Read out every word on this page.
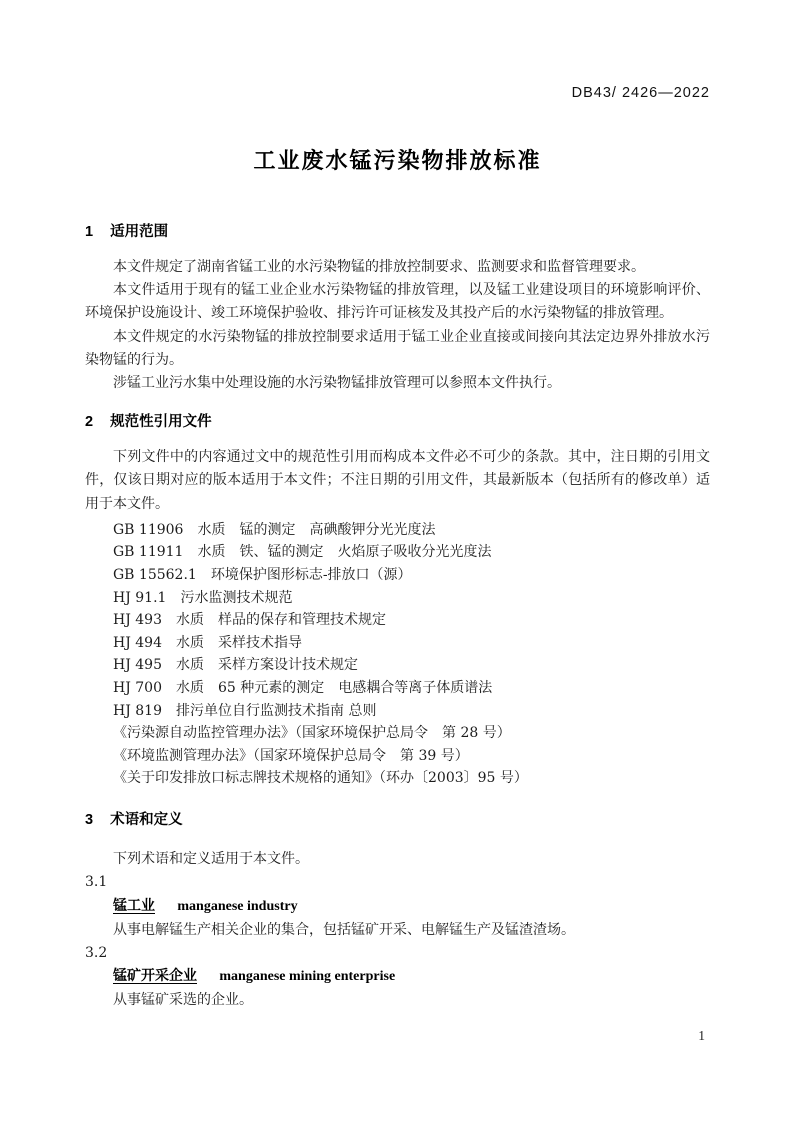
DB43/ 2426—2022
工业废水锰污染物排放标准
1 适用范围

本文件规定了湖南省锰工业的水污染物锰的排放控制要求、监测要求和监督管理要求。

本文件适用于现有的锰工业企业水污染物锰的排放管理，以及锰工业建设项目的环境影响评价、环境保护设施设计、竣工环境保护验收、排污许可证核发及其投产后的水污染物锰的排放管理。

本文件规定的水污染物锰的排放控制要求适用于锰工业企业直接或间接向其法定边界外排放水污染物锰的行为。

涉锰工业污水集中处理设施的水污染物锰排放管理可以参照本文件执行。

2 规范性引用文件

下列文件中的内容通过文中的规范性引用而构成本文件必不可少的条款。其中，注日期的引用文件，仅该日期对应的版本适用于本文件；不注日期的引用文件，其最新版本（包括所有的修改单）适用于本文件。

GB 11906　水质　锰的测定　高碘酸钾分光光度法

GB 11911　水质　铁、锰的测定　火焰原子吸收分光光度法

GB 15562.1　环境保护图形标志-排放口（源）

HJ 91.1　污水监测技术规范

HJ 493　水质　样品的保存和管理技术规定

HJ 494　水质　采样技术指导

HJ 495　水质　采样方案设计技术规定

HJ 700　水质　65 种元素的测定　电感耦合等离子体质谱法

HJ 819　排污单位自行监测技术指南 总则

《污染源自动监控管理办法》（国家环境保护总局令　第 28 号）

《环境监测管理办法》（国家环境保护总局令　第 39 号）

《关于印发排放口标志牌技术规格的通知》（环办〔2003〕95 号）

3 术语和定义

下列术语和定义适用于本文件。

3.1

锰工业 manganese industry

从事电解锰生产相关企业的集合，包括锰矿开采、电解锰生产及锰渣渣场。

3.2

锰矿开采企业 manganese mining enterprise

从事锰矿采选的企业。

1
